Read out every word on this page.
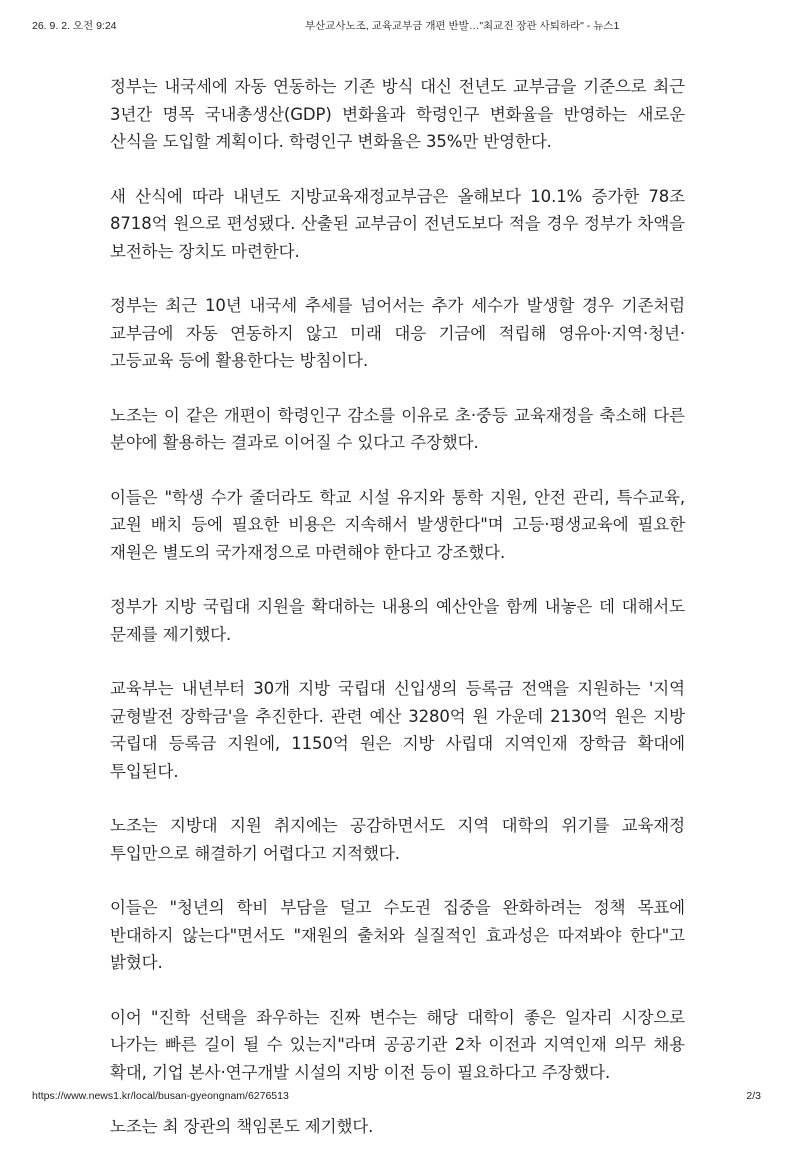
26. 9. 2. 오전 9:24	부산교사노조, 교육교부금 개편 반발…"최교진 장관 사퇴하라" - 뉴스1

정부는 내국세에 자동 연동하는 기존 방식 대신 전년도 교부금을 기준으로 최근 3년간 명목 국내총생산(GDP) 변화율과 학령인구 변화율을 반영하는 새로운 산식을 도입할 계획이다. 학령인구 변화율은 35%만 반영한다.

새 산식에 따라 내년도 지방교육재정교부금은 올해보다 10.1% 증가한 78조 8718억 원으로 편성됐다. 산출된 교부금이 전년도보다 적을 경우 정부가 차액을 보전하는 장치도 마련한다.

정부는 최근 10년 내국세 추세를 넘어서는 추가 세수가 발생할 경우 기존처럼 교부금에 자동 연동하지 않고 미래 대응 기금에 적립해 영유아·지역·청년·고등교육 등에 활용한다는 방침이다.

노조는 이 같은 개편이 학령인구 감소를 이유로 초·중등 교육재정을 축소해 다른 분야에 활용하는 결과로 이어질 수 있다고 주장했다.

이들은 "학생 수가 줄더라도 학교 시설 유지와 통학 지원, 안전 관리, 특수교육, 교원 배치 등에 필요한 비용은 지속해서 발생한다"며 고등·평생교육에 필요한 재원은 별도의 국가재정으로 마련해야 한다고 강조했다.

정부가 지방 국립대 지원을 확대하는 내용의 예산안을 함께 내놓은 데 대해서도 문제를 제기했다.

교육부는 내년부터 30개 지방 국립대 신입생의 등록금 전액을 지원하는 '지역 균형발전 장학금'을 추진한다. 관련 예산 3280억 원 가운데 2130억 원은 지방 국립대 등록금 지원에, 1150억 원은 지방 사립대 지역인재 장학금 확대에 투입된다.

노조는 지방대 지원 취지에는 공감하면서도 지역 대학의 위기를 교육재정 투입만으로 해결하기 어렵다고 지적했다.

이들은 "청년의 학비 부담을 덜고 수도권 집중을 완화하려는 정책 목표에 반대하지 않는다"면서도 "재원의 출처와 실질적인 효과성은 따져봐야 한다"고 밝혔다.

이어 "진학 선택을 좌우하는 진짜 변수는 해당 대학이 좋은 일자리 시장으로 나가는 빠른 길이 될 수 있는지"라며 공공기관 2차 이전과 지역인재 의무 채용 확대, 기업 본사·연구개발 시설의 지방 이전 등이 필요하다고 주장했다.

노조는 최 장관의 책임론도 제기했다.

https://www.news1.kr/local/busan-gyeongnam/6276513	2/3
